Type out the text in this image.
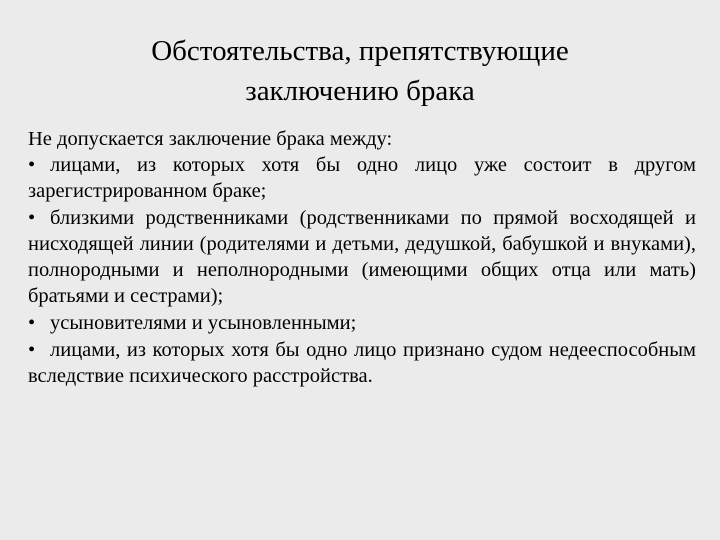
Обстоятельства, препятствующие
заключению брака

Не допускается заключение брака между:

• лицами, из которых хотя бы одно лицо уже состоит в другом зарегистрированном браке;

• близкими родственниками (родственниками по прямой восходящей и нисходящей линии (родителями и детьми, дедушкой, бабушкой и внуками), полнородными и неполнородными (имеющими общих отца или мать) братьями и сестрами);

• усыновителями и усыновленными;

• лицами, из которых хотя бы одно лицо признано судом недееспособным вследствие психического расстройства.
